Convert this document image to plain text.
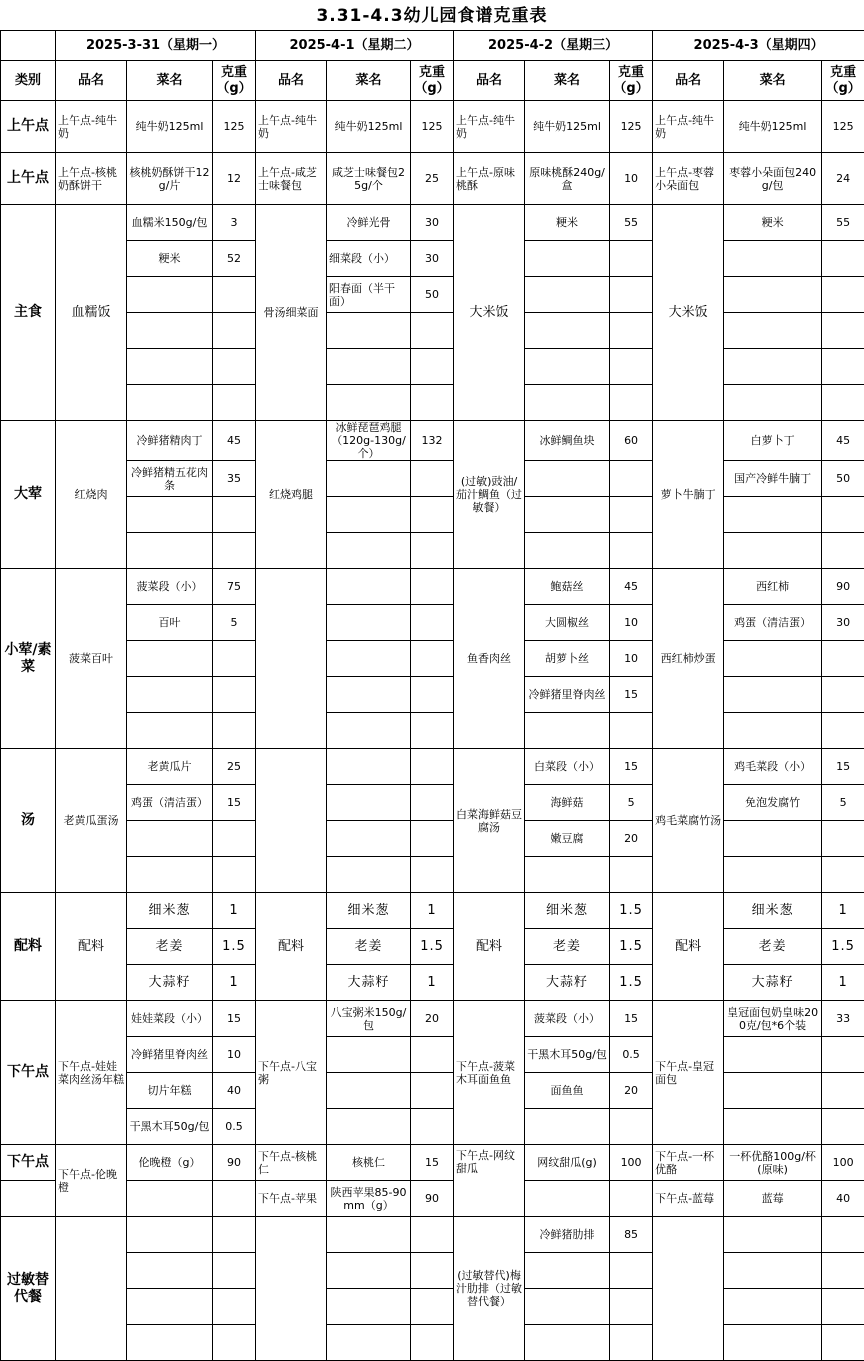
3.31-4.3幼儿园食谱克重表
	2025-3-31（星期一）			2025-4-1（星期二）			2025-4-2（星期三）			2025-4-3（星期四）		
类别	品名	菜名	克重（g）	品名	菜名	克重（g）	品名	菜名	克重（g）	品名	菜名	克重（g）
上午点	上午点-纯牛奶	纯牛奶125ml	125	上午点-纯牛奶	纯牛奶125ml	125	上午点-纯牛奶	纯牛奶125ml	125	上午点-纯牛奶	纯牛奶125ml	125
上午点	上午点-核桃奶酥饼干	核桃奶酥饼干12g/片	12	上午点-咸芝士味餐包	咸芝士味餐包25g/个	25	上午点-原味桃酥	原味桃酥240g/盒	10	上午点-枣蓉小朵面包	枣蓉小朵面包240g/包	24
主食	血糯饭	血糯米150g/包	3	骨汤细菜面	冷鲜光骨	30	大米饭	粳米	55	大米饭	粳米	55
		粳米	52		细菜段（小）	30						
					阳春面（半干面）	50						

大荤	红烧肉	冷鲜猪精肉丁	45	红烧鸡腿	冰鲜琵琶鸡腿（120g-130g/个）	132	(过敏)豉油/茄汁鲷鱼（过敏餐）	冰鲜鲷鱼块	60	萝卜牛腩丁	白萝卜丁	45
		冷鲜猪精五花肉条	35								国产冷鲜牛腩丁	50

小荤/素菜	菠菜百叶	菠菜段（小）	75				鱼香肉丝	鲍菇丝	45	西红柿炒蛋	西红柿	90
		百叶	5					大圆椒丝	10		鸡蛋（清洁蛋）	30
								胡萝卜丝	10			
								冷鲜猪里脊肉丝	15			

汤	老黄瓜蛋汤	老黄瓜片	25				白菜海鲜菇豆腐汤	白菜段（小）	15	鸡毛菜腐竹汤	鸡毛菜段（小）	15
		鸡蛋（清洁蛋）	15					海鲜菇	5		免泡发腐竹	5
								嫩豆腐	20			

配料	配料	细米葱	1	配料	细米葱	1	配料	细米葱	1.5	配料	细米葱	1
		老姜	1.5		老姜	1.5		老姜	1.5		老姜	1.5
		大蒜籽	1		大蒜籽	1		大蒜籽	1.5		大蒜籽	1
下午点	下午点-娃娃菜肉丝汤年糕	娃娃菜段（小）	15	下午点-八宝粥	八宝粥米150g/包	20	下午点-菠菜木耳面鱼鱼	菠菜段（小）	15	下午点-皇冠面包	皇冠面包奶皇味200克/包*6个装	33
		冷鲜猪里脊肉丝	10					干黑木耳50g/包	0.5			
		切片年糕	40					面鱼鱼	20			
		干黑木耳50g/包	0.5									
下午点	下午点-伦晚橙	伦晚橙（g）	90	下午点-核桃仁	核桃仁	15	下午点-网纹甜瓜	网纹甜瓜(g)	100	下午点-一杯优酪	一杯优酪100g/杯(原味)	100
				下午点-苹果	陕西苹果85-90mm（g）	90				下午点-蓝莓	蓝莓	40
过敏替代餐							(过敏替代)梅汁肋排（过敏替代餐）	冷鲜猪肋排	85			
